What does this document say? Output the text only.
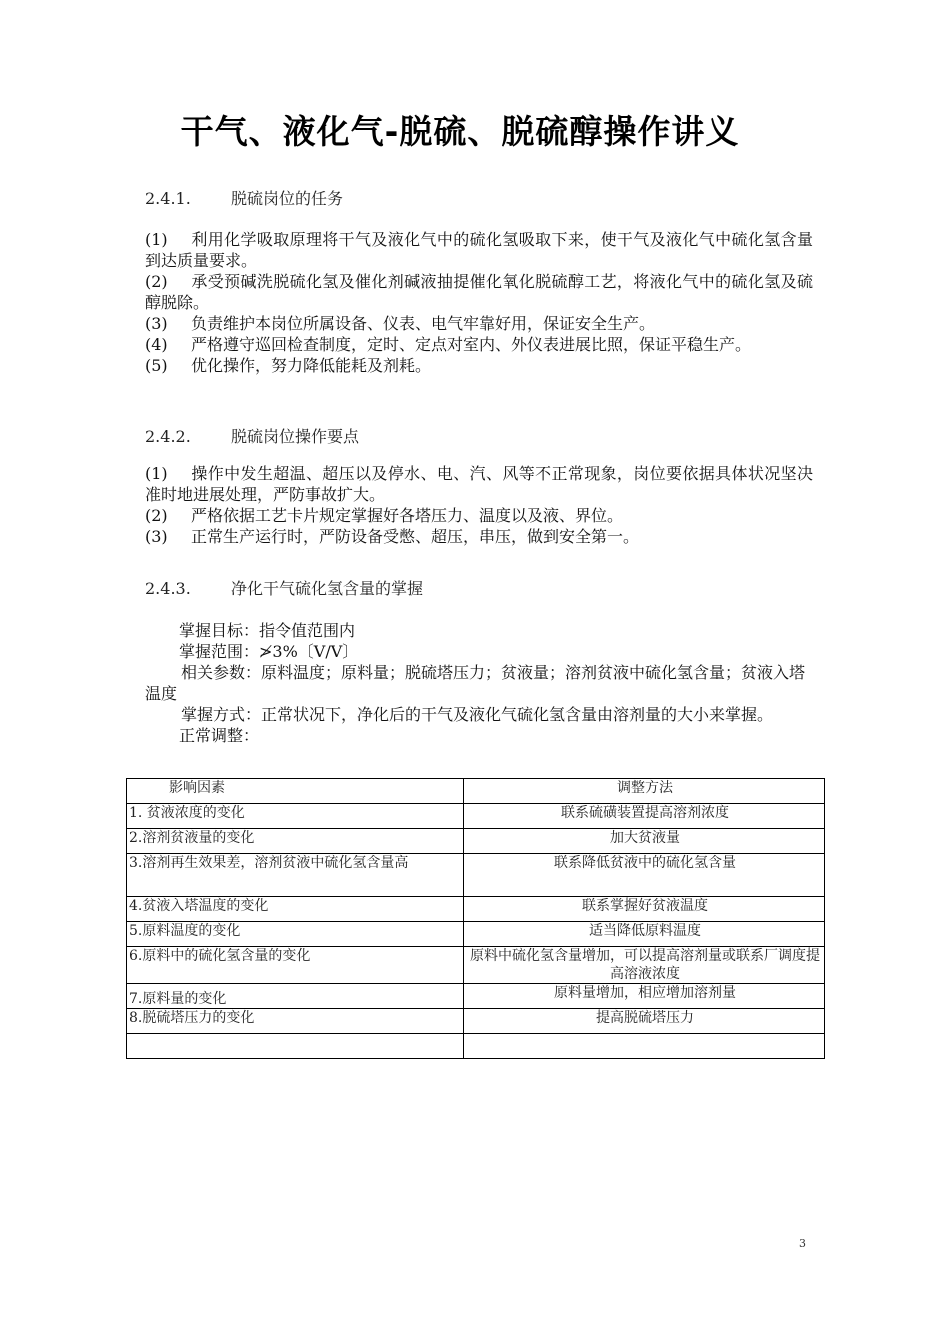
干气、液化气-脱硫、脱硫醇操作讲义
2.4.1.	脱硫岗位的任务

(1) 利用化学吸取原理将干气及液化气中的硫化氢吸取下来，使干气及液化气中硫化氢含量到达质量要求。

(2) 承受预碱洗脱硫化氢及催化剂碱液抽提催化氧化脱硫醇工艺，将液化气中的硫化氢及硫醇脱除。

(3) 负责维护本岗位所属设备、仪表、电气牢靠好用，保证安全生产。

(4) 严格遵守巡回检查制度，定时、定点对室内、外仪表进展比照，保证平稳生产。

(5) 优化操作，努力降低能耗及剂耗。

2.4.2.	脱硫岗位操作要点

(1) 操作中发生超温、超压以及停水、电、汽、风等不正常现象，岗位要依据具体状况坚决准时地进展处理，严防事故扩大。

(2) 严格依据工艺卡片规定掌握好各塔压力、温度以及液、界位。

(3) 正常生产运行时，严防设备受憋、超压，串压，做到安全第一。

2.4.3.	净化干气硫化氢含量的掌握
掌握目标：指令值范围内
掌握范围：≯3%〔V/V〕
相关参数：原料温度；原料量；脱硫塔压力；贫液量；溶剂贫液中硫化氢含量；贫液入塔温度
掌握方式：正常状况下，净化后的干气及液化气硫化氢含量由溶剂量的大小来掌握。
正常调整：
影响因素	调整方法
1. 贫液浓度的变化	联系硫磺装置提高溶剂浓度
2.溶剂贫液量的变化	加大贫液量
3.溶剂再生效果差，溶剂贫液中硫化氢含量高	联系降低贫液中的硫化氢含量
4.贫液入塔温度的变化	联系掌握好贫液温度
5.原料温度的变化	适当降低原料温度
6.原料中的硫化氢含量的变化	原料中硫化氢含量增加，可以提高溶剂量或联系厂调度提高溶液浓度
7.原料量的变化	原料量增加，相应增加溶剂量
8.脱硫塔压力的变化	提高脱硫塔压力

3
